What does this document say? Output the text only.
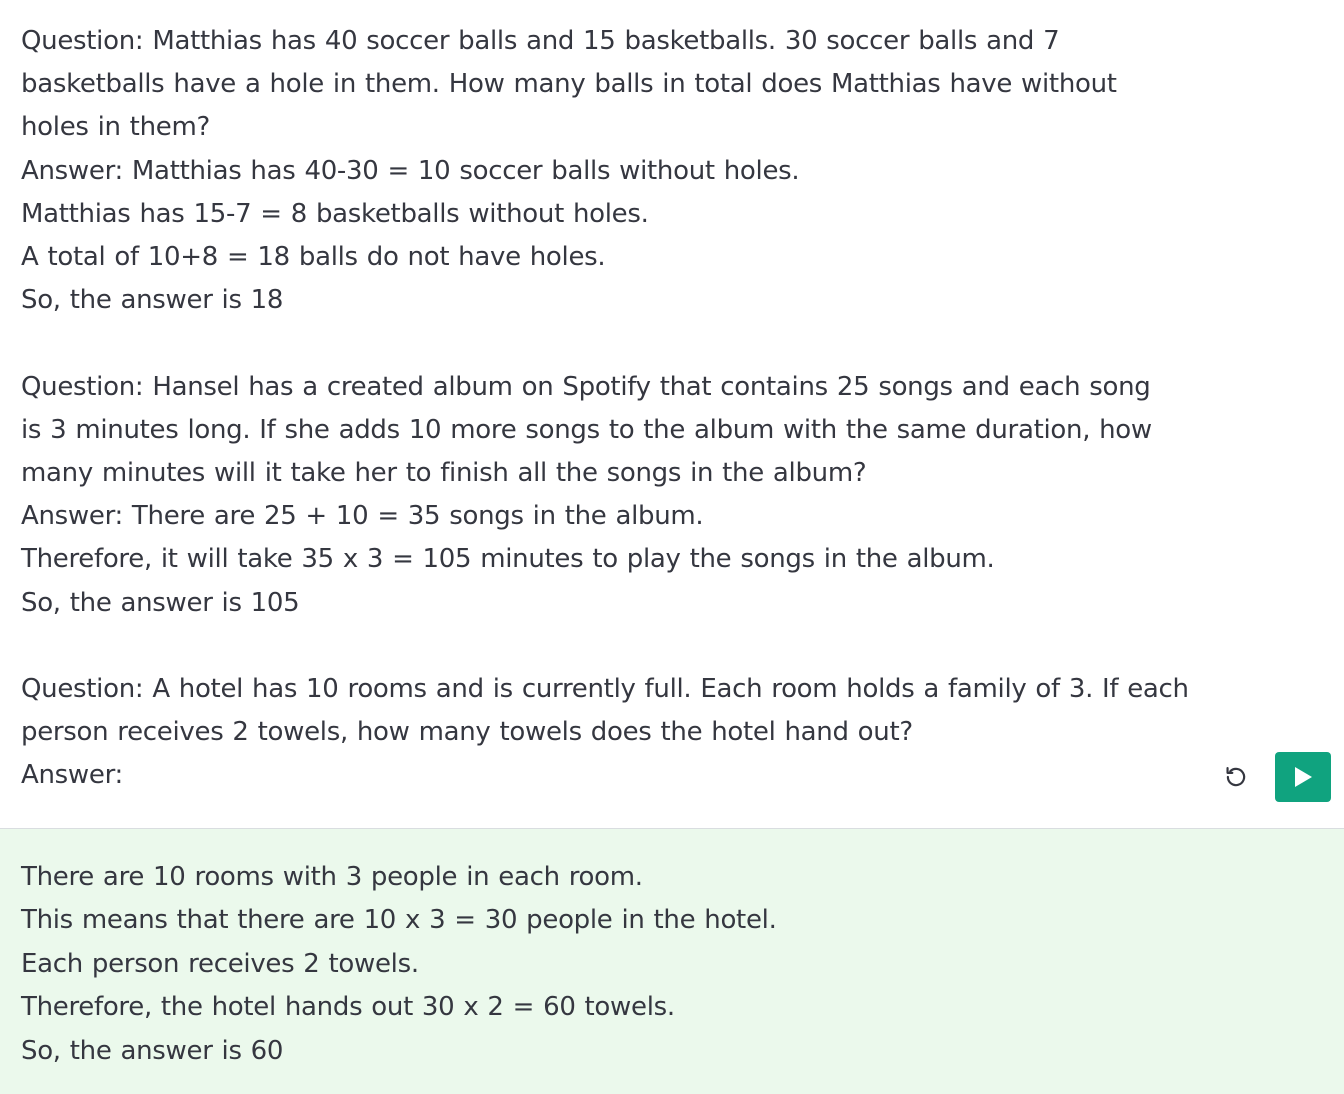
Question: Matthias has 40 soccer balls and 15 basketballs. 30 soccer balls and 7
basketballs have a hole in them. How many balls in total does Matthias have without
holes in them?
Answer: Matthias has 40-30 = 10 soccer balls without holes.
Matthias has 15-7 = 8 basketballs without holes.
A total of 10+8 = 18 balls do not have holes.
So, the answer is 18
Question: Hansel has a created album on Spotify that contains 25 songs and each song
is 3 minutes long. If she adds 10 more songs to the album with the same duration, how
many minutes will it take her to finish all the songs in the album?
Answer: There are 25 + 10 = 35 songs in the album.
Therefore, it will take 35 x 3 = 105 minutes to play the songs in the album.
So, the answer is 105
Question: A hotel has 10 rooms and is currently full. Each room holds a family of 3. If each
person receives 2 towels, how many towels does the hotel hand out?
Answer:
There are 10 rooms with 3 people in each room.
This means that there are 10 x 3 = 30 people in the hotel.
Each person receives 2 towels.
Therefore, the hotel hands out 30 x 2 = 60 towels.
So, the answer is 60
